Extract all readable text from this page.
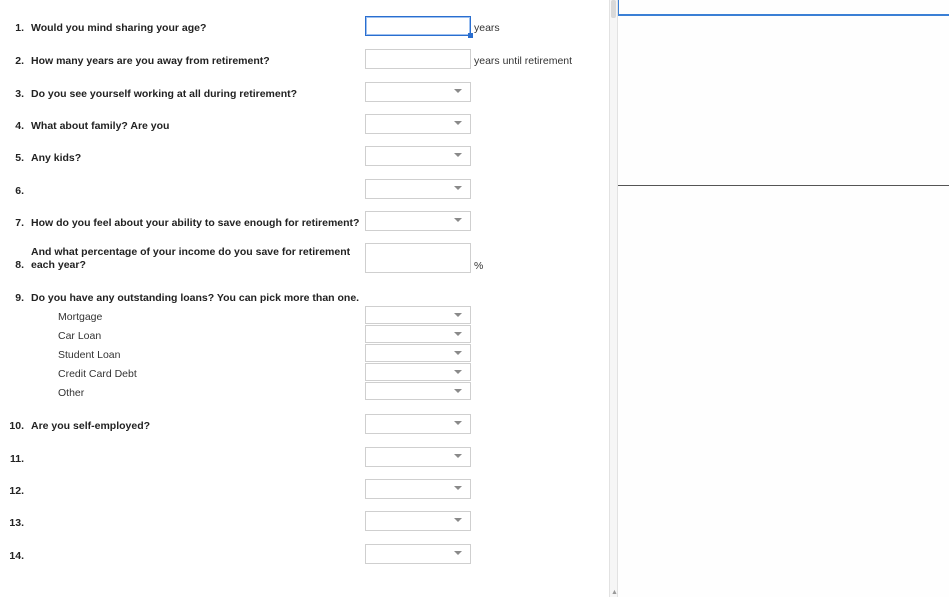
1. Would you mind sharing your age?	years
2. How many years are you away from retirement?	years until retirement
3. Do you see yourself working at all during retirement?
4. What about family? Are you
5. Any kids?
6.
7. How do you feel about your ability to save enough for retirement?
And what percentage of your income do you save for retirement
8. each year?	%
9. Do you have any outstanding loans? You can pick more than one.
Mortgage
Car Loan
Student Loan
Credit Card Debt
Other
10. Are you self-employed?
11.
12.
13.
14.
▲
